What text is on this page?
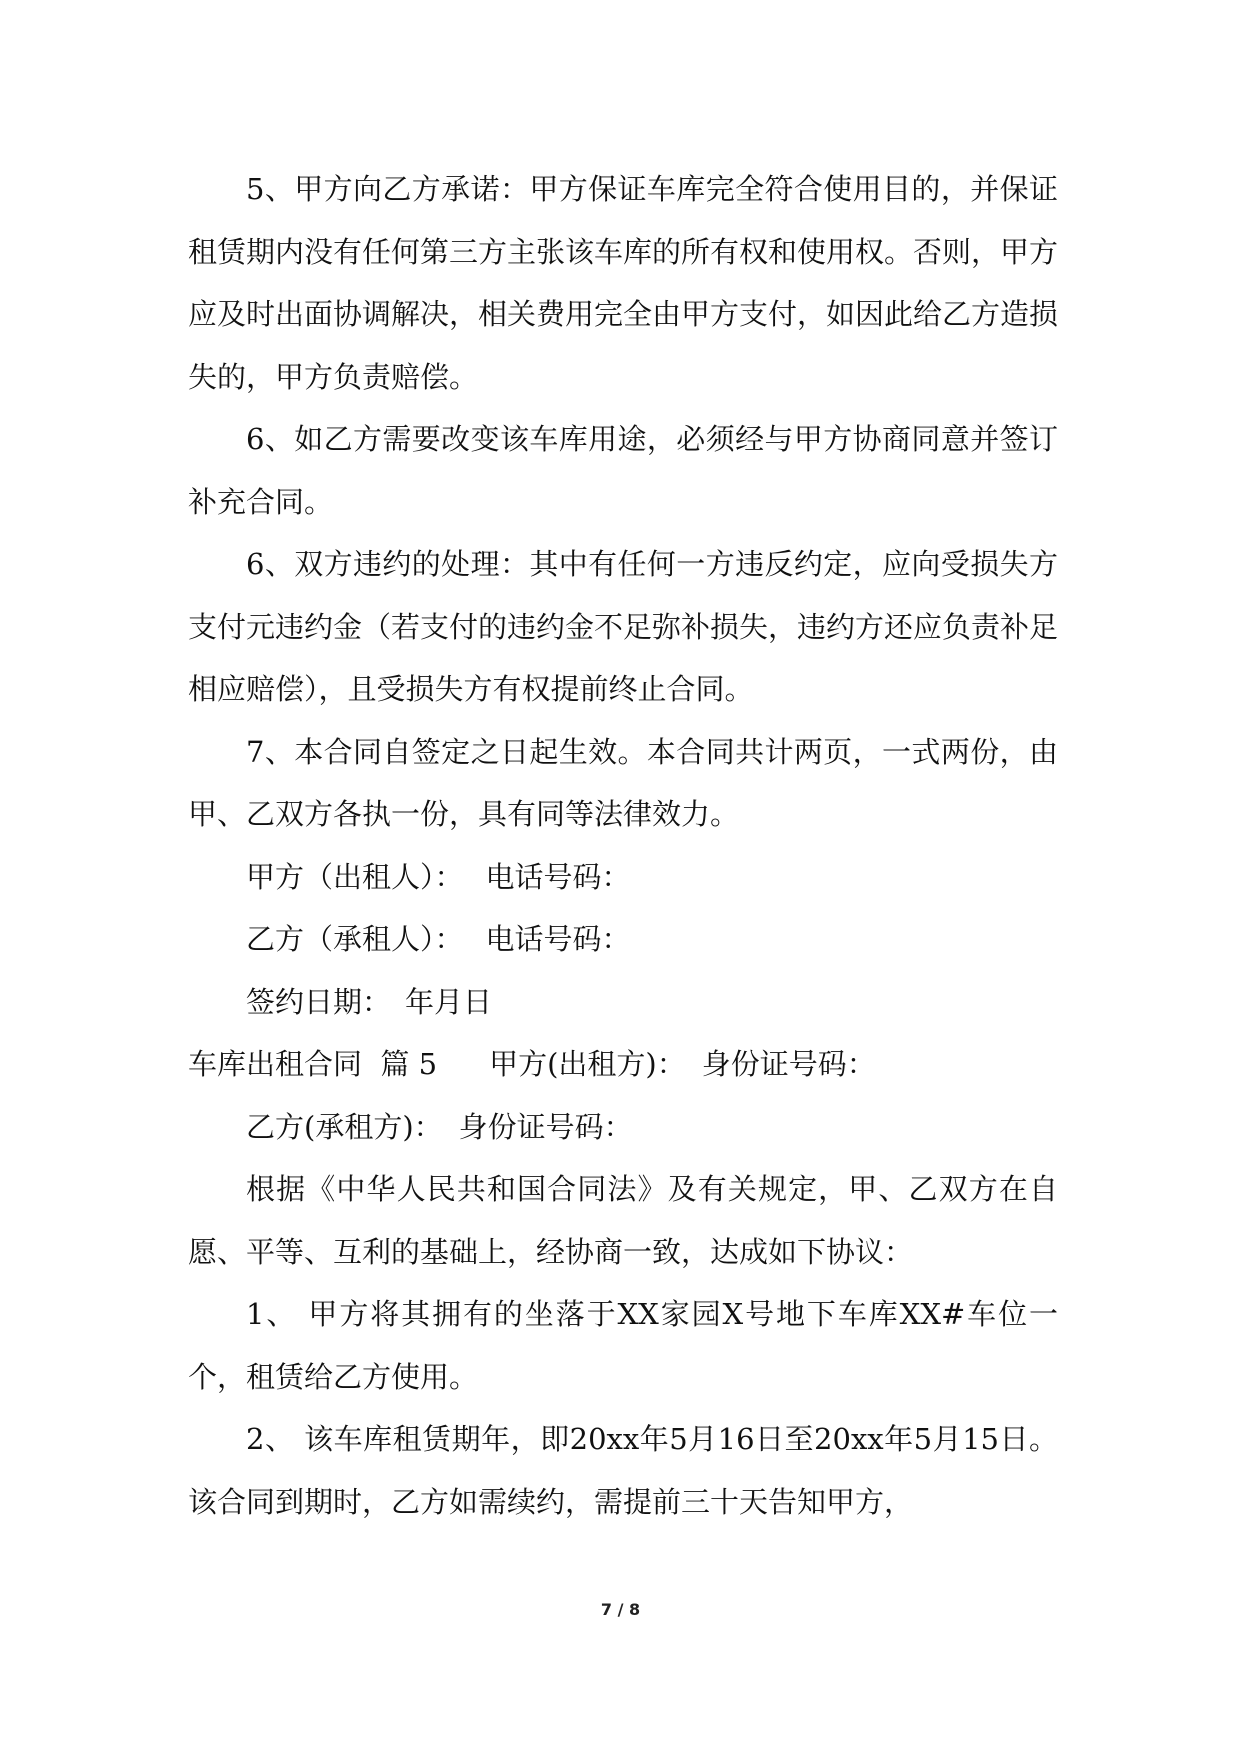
5、甲方向乙方承诺：甲方保证车库完全符合使用目的，并保证租赁期内没有任何第三方主张该车库的所有权和使用权。否则，甲方应及时出面协调解决，相关费用完全由甲方支付，如因此给乙方造损失的，甲方负责赔偿。

6、如乙方需要改变该车库用途，必须经与甲方协商同意并签订补充合同。

6、双方违约的处理：其中有任何一方违反约定，应向受损失方支付元违约金（若支付的违约金不足弥补损失，违约方还应负责补足相应赔偿），且受损失方有权提前终止合同。

7、本合同自签定之日起生效。本合同共计两页，一式两份，由甲、乙双方各执一份，具有同等法律效力。

甲方（出租人）： 电话号码：
乙方（承租人）： 电话号码：
签约日期： 年月日
车库出租合同  篇 5 甲方(出租方)： 身份证号码：
乙方(承租方)： 身份证号码：

根据《中华人民共和国合同法》及有关规定，甲、乙双方在自愿、平等、互利的基础上，经协商一致，达成如下协议：

1、 甲方将其拥有的坐落于XX家园X号地下车库XX#车位一个，租赁给乙方使用。

2、 该车库租赁期年，即20xx年5月16日至20xx年5月15日。该合同到期时，乙方如需续约，需提前三十天告知甲方，

7 / 8
